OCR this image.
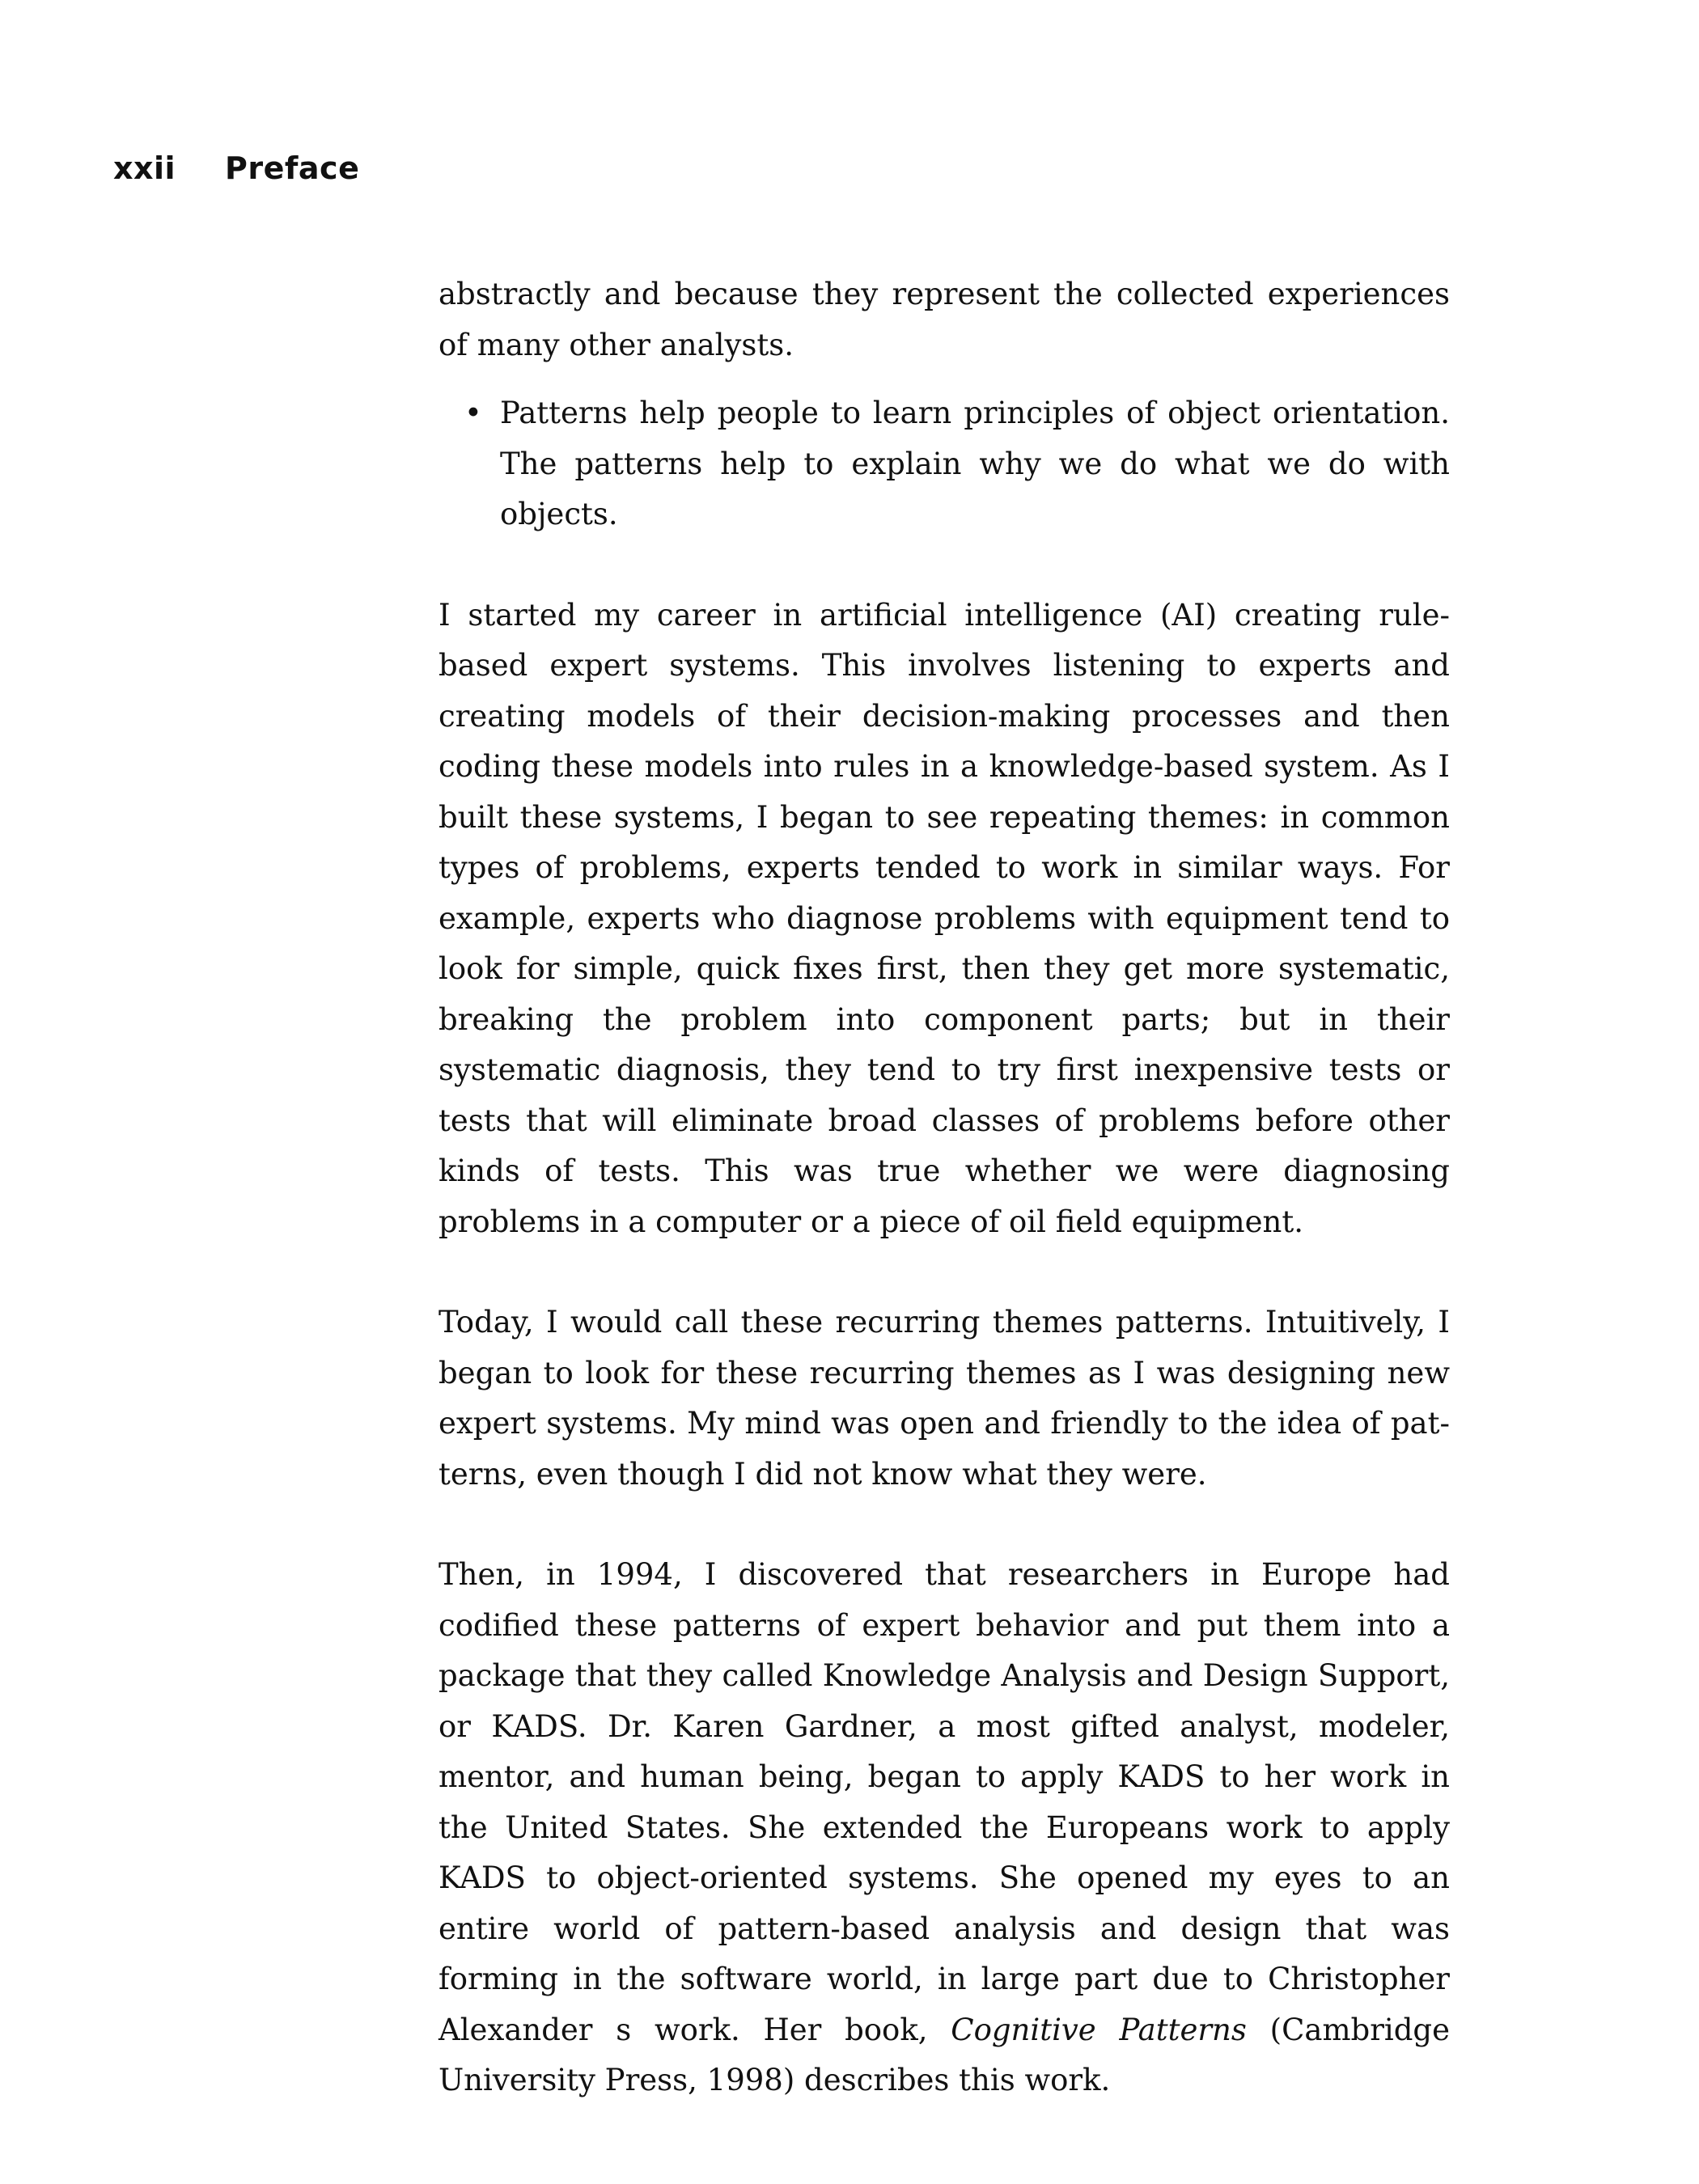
xxii	Preface

abstractly and because they represent the collected experiences of many other analysts.

• Patterns help people to learn principles of object orientation. The patterns help to explain why we do what we do with objects.

I started my career in artificial intelligence (AI) creating rule-based expert systems. This involves listening to experts and creating models of their decision-making processes and then coding these models into rules in a knowledge-based system. As I built these systems, I began to see repeating themes: in common types of problems, experts tended to work in similar ways. For example, experts who diagnose problems with equipment tend to look for simple, quick fixes first, then they get more systematic, breaking the problem into component parts; but in their systematic diagnosis, they tend to try first inexpensive tests or tests that will eliminate broad classes of problems before other kinds of tests. This was true whether we were diagnosing problems in a computer or a piece of oil field equipment.

Today, I would call these recurring themes patterns. Intuitively, I began to look for these recurring themes as I was designing new expert systems. My mind was open and friendly to the idea of patterns, even though I did not know what they were.

Then, in 1994, I discovered that researchers in Europe had codified these patterns of expert behavior and put them into a package that they called Knowledge Analysis and Design Support, or KADS. Dr. Karen Gardner, a most gifted analyst, modeler, mentor, and human being, began to apply KADS to her work in the United States. She extended the Europeans work to apply KADS to object-oriented systems. She opened my eyes to an entire world of pattern-based analysis and design that was forming in the software world, in large part due to Christopher Alexander s work. Her book, Cognitive Patterns (Cambridge University Press, 1998) describes this work.
